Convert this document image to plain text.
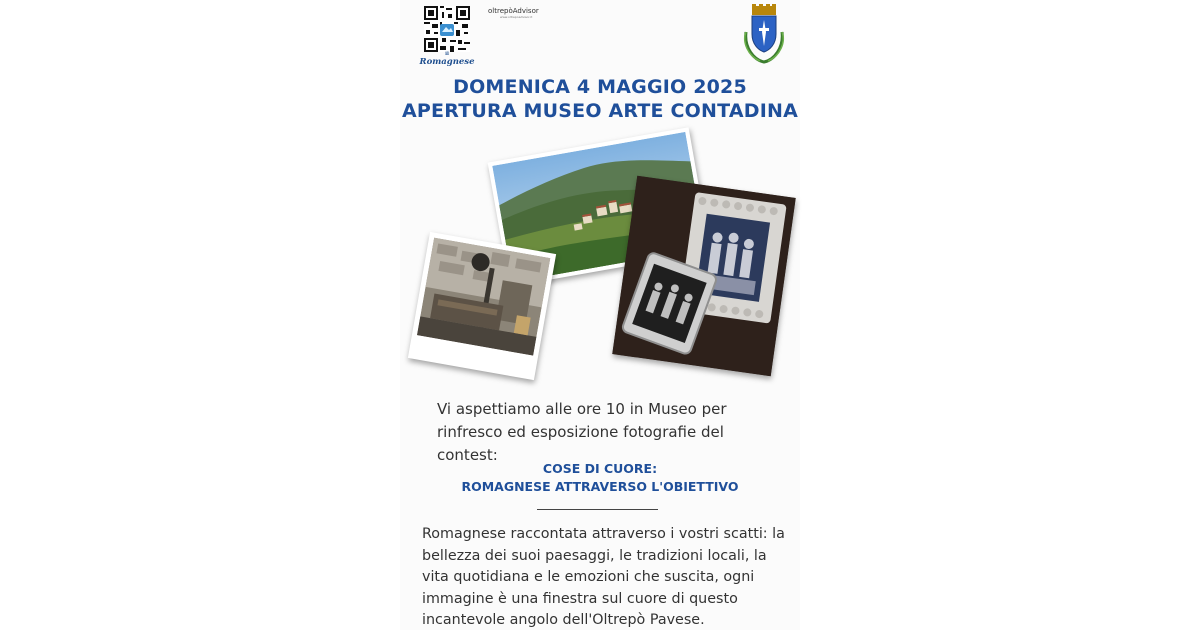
il
Romagnese
oltrepòAdvisor
www.oltrepoadvisor.it
DOMENICA 4 MAGGIO 2025
APERTURA MUSEO ARTE CONTADINA
Vi aspettiamo alle ore 10 in Museo per rinfresco ed esposizione fotografie del contest:
COSE DI CUORE:
ROMAGNESE ATTRAVERSO L'OBIETTIVO
Romagnese raccontata attraverso i vostri scatti: la bellezza dei suoi paesaggi, le tradizioni locali, la vita quotidiana e le emozioni che suscita, ogni immagine è una finestra sul cuore di questo incantevole angolo dell'Oltrepò Pavese.
